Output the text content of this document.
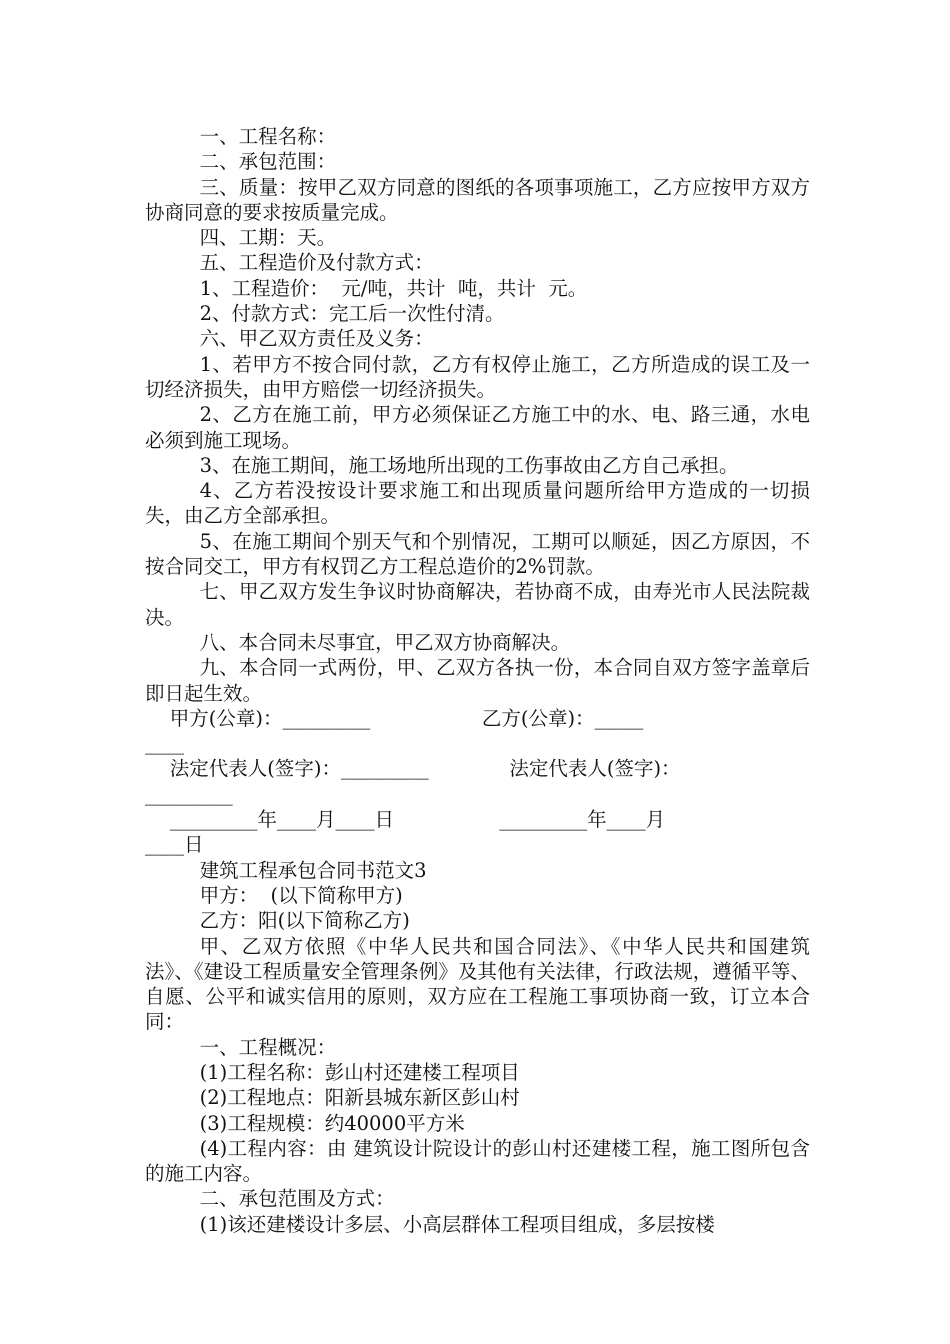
一、工程名称：

二、承包范围：

三、质量：按甲乙双方同意的图纸的各项事项施工，乙方应按甲方双方协商同意的要求按质量完成。

四、工期：天。

五、工程造价及付款方式：

1、工程造价：  元/吨，共计  吨，共计  元。

2、付款方式：完工后一次性付清。

六、甲乙双方责任及义务：

1、若甲方不按合同付款，乙方有权停止施工，乙方所造成的误工及一切经济损失，由甲方赔偿一切经济损失。

2、乙方在施工前，甲方必须保证乙方施工中的水、电、路三通，水电必须到施工现场。

3、在施工期间，施工场地所出现的工伤事故由乙方自己承担。

4、乙方若没按设计要求施工和出现质量问题所给甲方造成的一切损失，由乙方全部承担。

5、在施工期间个别天气和个别情况，工期可以顺延，因乙方原因，不按合同交工，甲方有权罚乙方工程总造价的2%罚款。

七、甲乙双方发生争议时协商解决，若协商不成，由寿光市人民法院裁决。

八、本合同未尽事宜，甲乙双方协商解决。

九、本合同一式两份，甲、乙双方各执一份，本合同自双方签字盖章后即日起生效。

甲方(公章)：_________                  乙方(公章)：_____

____

法定代表人(签字)：_________             法定代表人(签字)：

_________

_________年____月____日                 _________年____月

____日

建筑工程承包合同书范文3

甲方：  (以下简称甲方)

乙方：阳(以下简称乙方)

甲、乙双方依照《中华人民共和国合同法》、《中华人民共和国建筑法》、《建设工程质量安全管理条例》及其他有关法律，行政法规，遵循平等、自愿、公平和诚实信用的原则，双方应在工程施工事项协商一致，订立本合同：

一、工程概况：

(1)工程名称：彭山村还建楼工程项目

(2)工程地点：阳新县城东新区彭山村

(3)工程规模：约40000平方米

(4)工程内容：由 建筑设计院设计的彭山村还建楼工程，施工图所包含的施工内容。

二、承包范围及方式：

(1)该还建楼设计多层、小高层群体工程项目组成，多层按楼
